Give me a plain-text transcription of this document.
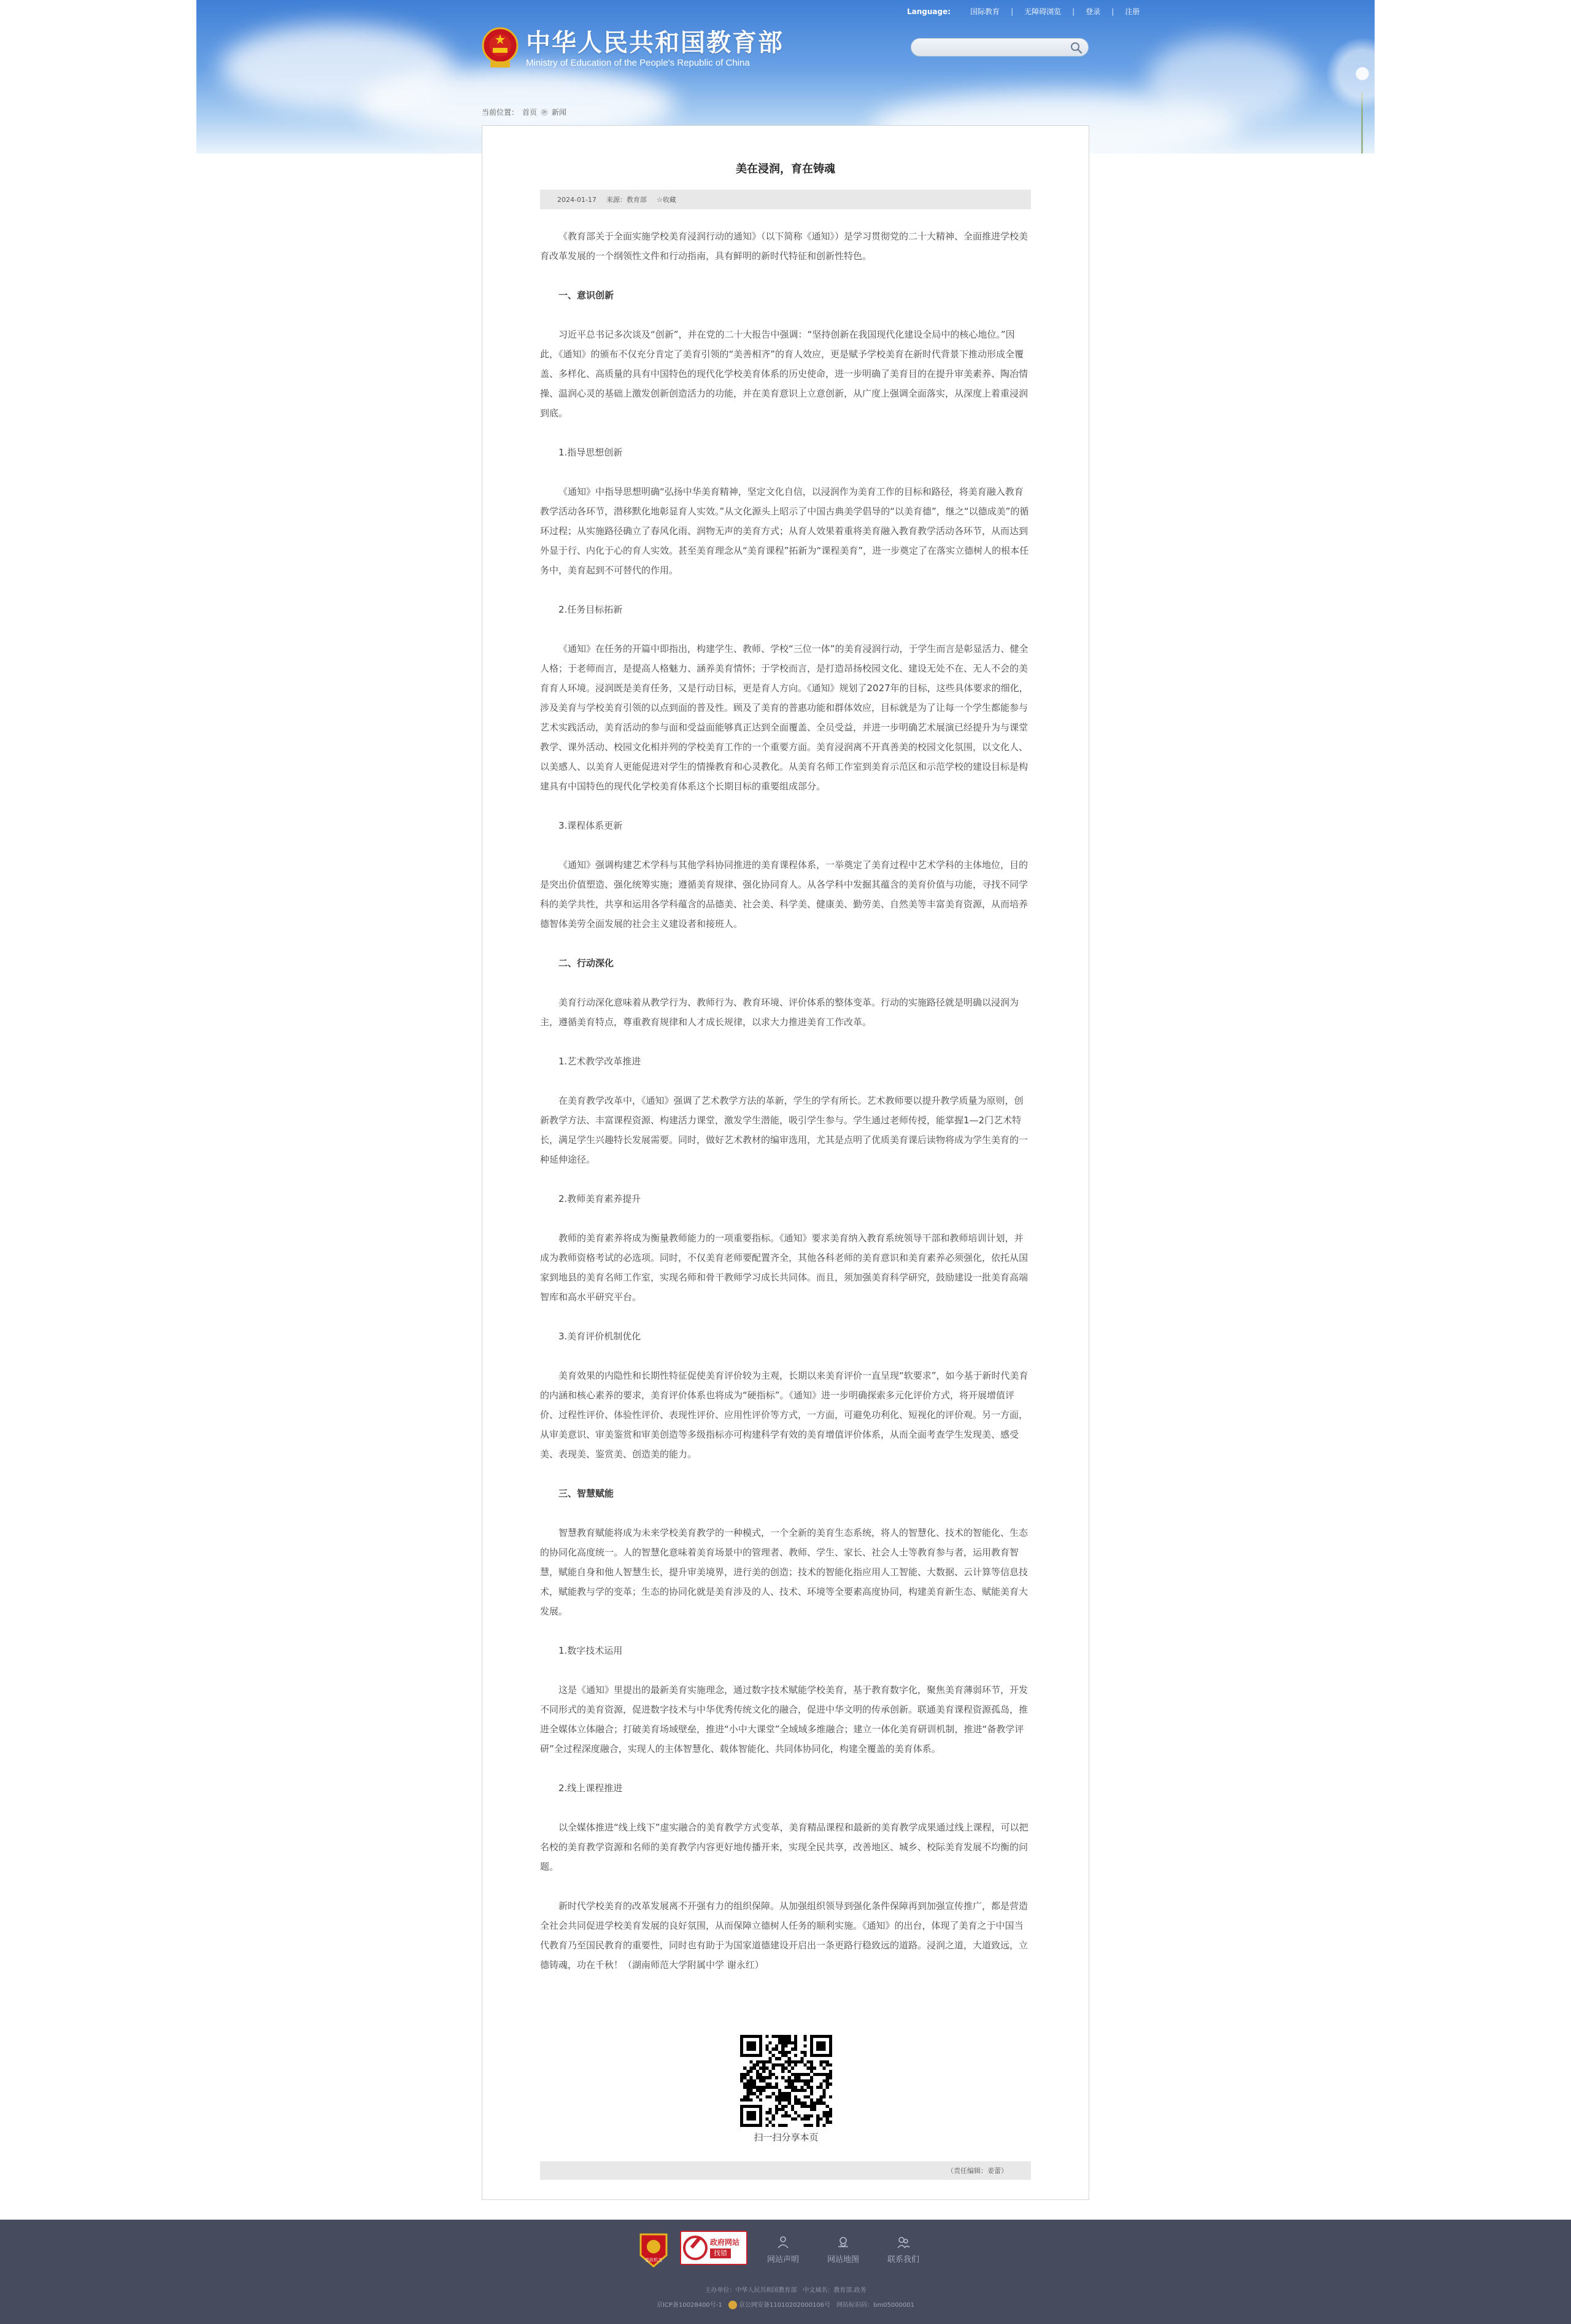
中华人民共和国教育部
Ministry of Education of the People's Republic of China
Language:	国际教育 | 无障碍浏览 | 登录 | 注册
当前位置： 首页 > 新闻
美在浸润，育在铸魂
2024-01-17 来源：教育部 ☆收藏

《教育部关于全面实施学校美育浸润行动的通知》（以下简称《通知》）是学习贯彻党的二十大精神、全面推进学校美育改革发展的一个纲领性文件和行动指南，具有鲜明的新时代特征和创新性特色。

一、意识创新

习近平总书记多次谈及“创新”，并在党的二十大报告中强调：“坚持创新在我国现代化建设全局中的核心地位。”因此，《通知》的颁布不仅充分肯定了美育引领的“美善相齐”的育人效应，更是赋予学校美育在新时代背景下推动形成全覆盖、多样化、高质量的具有中国特色的现代化学校美育体系的历史使命，进一步明确了美育目的在提升审美素养、陶冶情操、温润心灵的基础上激发创新创造活力的功能，并在美育意识上立意创新，从广度上强调全面落实，从深度上着重浸润到底。

1.指导思想创新

《通知》中指导思想明确“弘扬中华美育精神，坚定文化自信，以浸润作为美育工作的目标和路径，将美育融入教育教学活动各环节，潜移默化地彰显育人实效。”从文化源头上昭示了中国古典美学倡导的“以美育德”，继之“以德成美”的循环过程；从实施路径确立了春风化雨、润物无声的美育方式；从育人效果着重将美育融入教育教学活动各环节，从而达到外显于行、内化于心的育人实效。甚至美育理念从“美育课程”拓新为“课程美育”，进一步奠定了在落实立德树人的根本任务中，美育起到不可替代的作用。

2.任务目标拓新

《通知》在任务的开篇中即指出，构建学生、教师、学校“三位一体”的美育浸润行动，于学生而言是彰显活力、健全人格；于老师而言，是提高人格魅力、涵养美育情怀；于学校而言，是打造昂扬校园文化、建设无处不在、无人不会的美育育人环境。浸润既是美育任务，又是行动目标，更是育人方向。《通知》规划了2027年的目标，这些具体要求的细化，涉及美育与学校美育引领的以点到面的普及性。顾及了美育的普惠功能和群体效应，目标就是为了让每一个学生都能参与艺术实践活动，美育活动的参与面和受益面能够真正达到全面覆盖、全员受益，并进一步明确艺术展演已经提升为与课堂教学、课外活动、校园文化相并列的学校美育工作的一个重要方面。美育浸润离不开真善美的校园文化氛围，以文化人、以美感人、以美育人更能促进对学生的情操教育和心灵教化。从美育名师工作室到美育示范区和示范学校的建设目标是构建具有中国特色的现代化学校美育体系这个长期目标的重要组成部分。

3.课程体系更新

《通知》强调构建艺术学科与其他学科协同推进的美育课程体系，一举奠定了美育过程中艺术学科的主体地位，目的是突出价值塑造、强化统筹实施；遵循美育规律、强化协同育人。从各学科中发掘其蕴含的美育价值与功能，寻找不同学科的美学共性，共享和运用各学科蕴含的品德美、社会美、科学美、健康美、勤劳美、自然美等丰富美育资源，从而培养德智体美劳全面发展的社会主义建设者和接班人。

二、行动深化

美育行动深化意味着从教学行为、教师行为、教育环境、评价体系的整体变革。行动的实施路径就是明确以浸润为主，遵循美育特点，尊重教育规律和人才成长规律，以求大力推进美育工作改革。

1.艺术教学改革推进

在美育教学改革中，《通知》强调了艺术教学方法的革新，学生的学有所长。艺术教师要以提升教学质量为原则，创新教学方法、丰富课程资源、构建活力课堂，激发学生潜能，吸引学生参与。学生通过老师传授，能掌握1—2门艺术特长，满足学生兴趣特长发展需要。同时，做好艺术教材的编审选用，尤其是点明了优质美育课后读物将成为学生美育的一种延伸途径。

2.教师美育素养提升

教师的美育素养将成为衡量教师能力的一项重要指标。《通知》要求美育纳入教育系统领导干部和教师培训计划，并成为教师资格考试的必选项。同时，不仅美育老师要配置齐全，其他各科老师的美育意识和美育素养必须强化，依托从国家到地县的美育名师工作室，实现名师和骨干教师学习成长共同体。而且，须加强美育科学研究，鼓励建设一批美育高端智库和高水平研究平台。

3.美育评价机制优化

美育效果的内隐性和长期性特征促使美育评价较为主观，长期以来美育评价一直呈现“软要求”，如今基于新时代美育的内涵和核心素养的要求，美育评价体系也将成为“硬指标”。《通知》进一步明确探索多元化评价方式，将开展增值评价、过程性评价、体验性评价、表现性评价、应用性评价等方式，一方面，可避免功利化、短视化的评价观。另一方面，从审美意识、审美鉴赏和审美创造等多级指标亦可构建科学有效的美育增值评价体系，从而全面考查学生发现美、感受美、表现美、鉴赏美、创造美的能力。

三、智慧赋能

智慧教育赋能将成为未来学校美育教学的一种模式，一个全新的美育生态系统，将人的智慧化、技术的智能化、生态的协同化高度统一。人的智慧化意味着美育场景中的管理者、教师、学生、家长、社会人士等教育参与者，运用教育智慧，赋能自身和他人智慧生长，提升审美境界，进行美的创造；技术的智能化指应用人工智能、大数据、云计算等信息技术，赋能教与学的变革；生态的协同化就是美育涉及的人、技术、环境等全要素高度协同，构建美育新生态、赋能美育大发展。

1.数字技术运用

这是《通知》里提出的最新美育实施理念，通过数字技术赋能学校美育，基于教育数字化，聚焦美育薄弱环节，开发不同形式的美育资源，促进数字技术与中华优秀传统文化的融合，促进中华文明的传承创新。联通美育课程资源孤岛，推进全媒体立体融合；打破美育场域壁垒，推进“小中大课堂”全域域多维融合；建立一体化美育研训机制，推进“备教学评研”全过程深度融合，实现人的主体智慧化、载体智能化、共同体协同化，构建全覆盖的美育体系。

2.线上课程推进

以全媒体推进“线上线下”虚实融合的美育教学方式变革，美育精品课程和最新的美育教学成果通过线上课程，可以把名校的美育教学资源和名师的美育教学内容更好地传播开来，实现全民共享，改善地区、城乡、校际美育发展不均衡的问题。

新时代学校美育的改革发展离不开强有力的组织保障。从加强组织领导到强化条件保障再到加强宣传推广，都是营造全社会共同促进学校美育发展的良好氛围，从而保障立德树人任务的顺利实施。《通知》的出台，体现了美育之于中国当代教育乃至国民教育的重要性，同时也有助于为国家道德建设开启出一条更路行稳致远的道路。浸润之道，大道致远，立德铸魂，功在千秋！（湖南师范大学附属中学 谢永红）

扫一扫分享本页
（责任编辑：姜蕾）
党政机关
政府网站
找错
网站声明	网站地图	联系我们
主办单位：中华人民共和国教育部　中文域名：教育部.政务
京ICP备10028400号-1	京公网安备11010202000106号 网站标识码：bm05000001
